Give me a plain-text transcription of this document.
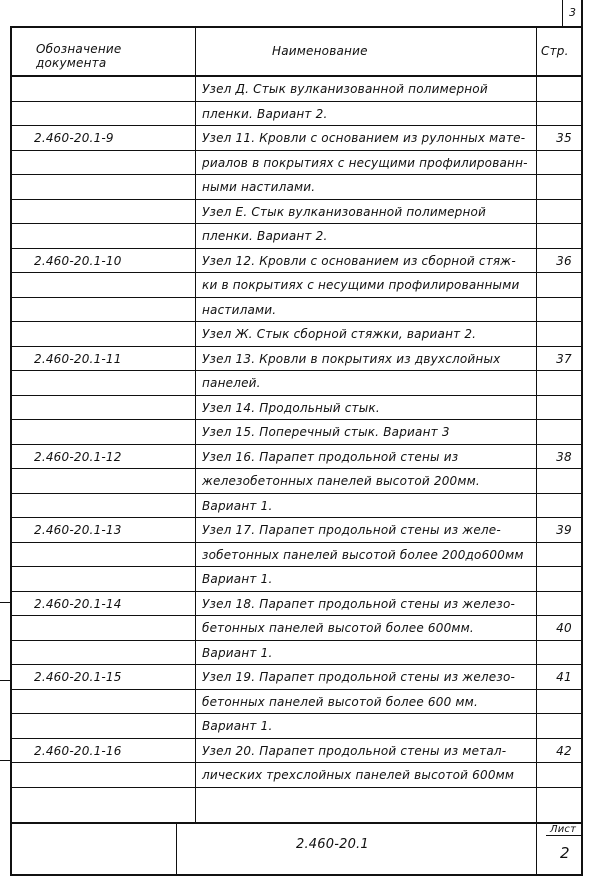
3
Обозначение
документа
Наименование	Стр.
Узел Д. Стык вулканизованной полимерной
пленки. Вариант 2.
2.460-20.1-9	Узел 11. Кровли с основанием из рулонных мате-	35
риалов в покрытиях с несущими профилированн-
ными настилами.
Узел Е. Стык вулканизованной полимерной
пленки. Вариант 2.
2.460-20.1-10	Узел 12. Кровли с основанием из сборной стяж-	36
ки в покрытиях с несущими профилированными
настилами.
Узел Ж. Стык сборной стяжки, вариант 2.
2.460-20.1-11	Узел 13. Кровли в покрытиях из двухслойных	37
панелей.
Узел 14. Продольный стык.
Узел 15. Поперечный стык. Вариант 3
2.460-20.1-12	Узел 16. Парапет продольной стены из	38
железобетонных панелей высотой 200мм.
Вариант 1.
2.460-20.1-13	Узел 17. Парапет продольной стены из желе-	39
зобетонных панелей высотой более 200до600мм
Вариант 1.
2.460-20.1-14	Узел 18. Парапет продольной стены из железо-
бетонных панелей высотой более 600мм.	40
Вариант 1.
2.460-20.1-15	Узел 19. Парапет продольной стены из железо-	41
бетонных панелей высотой более 600 мм.
Вариант 1.
2.460-20.1-16	Узел 20. Парапет продольной стены из метал-	42
лических трехслойных панелей высотой 600мм
2.460-20.1
Лист
2
